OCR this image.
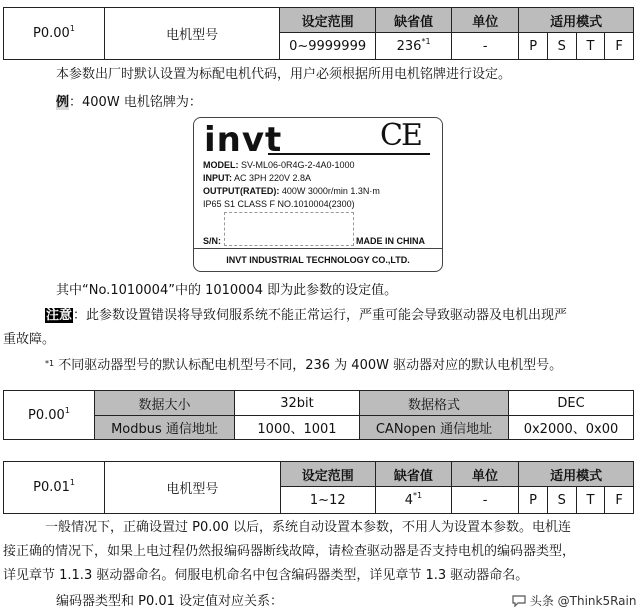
P0.00$^1$	电机型号	设定范围	缺省值	单位	适用模式			
		0~9999999	236$^{*1}$	-	P	S	T	F
本参数出厂时默认设置为标配电机代码，用户必须根据所用电机铭牌进行设定。
例：400W 电机铭牌为：
invt	CE
MODEL: SV-ML06-0R4G-2-4A0-1000
INPUT: AC 3PH 220V 2.8A
OUTPUT(RATED): 400W 3000r/min 1.3N·m
IP65 S1 CLASS F NO.1010004(2300)
S/N:	MADE IN CHINA
INVT INDUSTRIAL TECHNOLOGY CO.,LTD.
其中“No.1010004”中的 1010004 即为此参数的设定值。
注意：此参数设置错误将导致伺服系统不能正常运行，严重可能会导致驱动器及电机出现严
重故障。
$^{*1}$ 不同驱动器型号的默认标配电机型号不同，236 为 400W 驱动器对应的默认电机型号。
P0.00$^1$	数据大小	32bit	数据格式	DEC
	Modbus 通信地址	1000、1001	CANopen 通信地址	0x2000、0x00
P0.01$^1$	电机型号	设定范围	缺省值	单位	适用模式			
		1~12	4$^{*1}$	-	P	S	T	F
一般情况下，正确设置过 P0.00 以后，系统自动设置本参数，不用人为设置本参数。电机连
接正确的情况下，如果上电过程仍然报编码器断线故障，请检查驱动器是否支持电机的编码器类型，
详见章节 1.1.3 驱动器命名。伺服电机命名中包含编码器类型，详见章节 1.3 驱动器命名。
编码器类型和 P0.01 设定值对应关系：	头条 @Think5Rain
